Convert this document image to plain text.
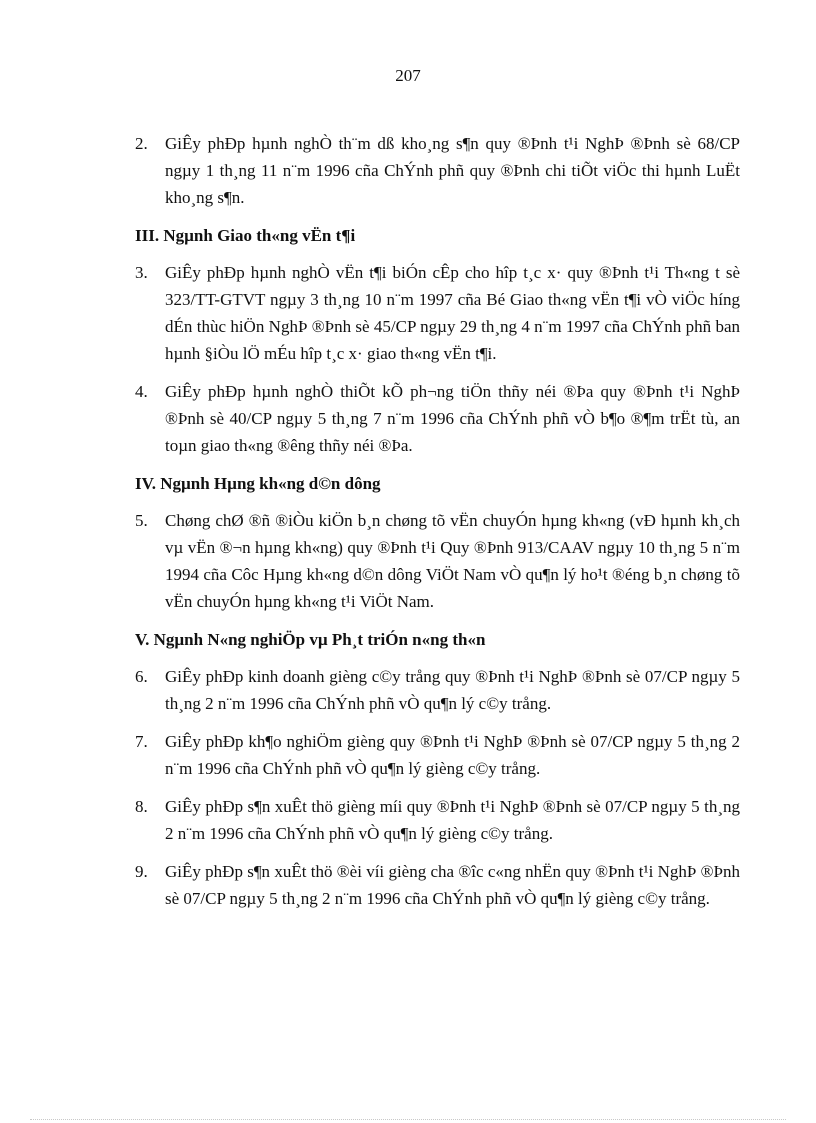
207
2.	GiÊy phÐp hµnh nghÒ th¨m dß kho¸ng s¶n quy ®Þnh t¹i NghÞ ®Þnh sè 68/CP ngµy 1 th¸ng 11 n¨m 1996 cña ChÝnh phñ quy ®Þnh chi tiÕt viÖc thi hµnh LuËt kho¸ng s¶n.
III. Ngµnh Giao th«ng vËn t¶i
3.	GiÊy phÐp hµnh nghÒ vËn t¶i biÓn cÊp cho hîp t¸c x· quy ®Þnh t¹i Th«ng t sè 323/TT-GTVT ngµy 3 th¸ng 10 n¨m 1997 cña Bé Giao th«ng vËn t¶i vÒ viÖc híng dÉn thùc hiÖn NghÞ ®Þnh sè 45/CP ngµy 29 th¸ng 4 n¨m 1997 cña ChÝnh phñ ban hµnh §iÒu lÖ mÉu hîp t¸c x· giao th«ng vËn t¶i.
4.	GiÊy phÐp hµnh nghÒ thiÕt kÕ ph¬ng tiÖn thñy néi ®Þa quy ®Þnh t¹i NghÞ ®Þnh sè 40/CP ngµy 5 th¸ng 7 n¨m 1996 cña ChÝnh phñ vÒ b¶o ®¶m trËt tù, an toµn giao th«ng ®êng thñy néi ®Þa.
IV. Ngµnh Hµng kh«ng d©n dông
5.	Chøng chØ ®ñ ®iÒu kiÖn b¸n chøng tõ vËn chuyÓn hµng kh«ng (vÐ hµnh kh¸ch vµ vËn ®¬n hµng kh«ng) quy ®Þnh t¹i Quy ®Þnh 913/CAAV ngµy 10 th¸ng 5 n¨m 1994 cña Côc Hµng kh«ng d©n dông ViÖt Nam vÒ qu¶n lý ho¹t ®éng b¸n chøng tõ vËn chuyÓn hµng kh«ng t¹i ViÖt Nam.
V. Ngµnh N«ng nghiÖp vµ Ph¸t triÓn n«ng th«n
6.	GiÊy phÐp kinh doanh gièng c©y trång quy ®Þnh t¹i NghÞ ®Þnh sè 07/CP ngµy 5 th¸ng 2 n¨m 1996 cña ChÝnh phñ vÒ qu¶n lý c©y trång.
7.	GiÊy phÐp kh¶o nghiÖm gièng quy ®Þnh t¹i NghÞ ®Þnh sè 07/CP ngµy 5 th¸ng 2 n¨m 1996 cña ChÝnh phñ vÒ qu¶n lý gièng c©y trång.
8.	GiÊy phÐp s¶n xuÊt thö gièng míi quy ®Þnh t¹i NghÞ ®Þnh sè 07/CP ngµy 5 th¸ng 2 n¨m 1996 cña ChÝnh phñ vÒ qu¶n lý gièng c©y trång.
9.	GiÊy phÐp s¶n xuÊt thö ®èi víi gièng cha ®îc c«ng nhËn quy ®Þnh t¹i NghÞ ®Þnh sè 07/CP ngµy 5 th¸ng 2 n¨m 1996 cña ChÝnh phñ vÒ qu¶n lý gièng c©y trång.
